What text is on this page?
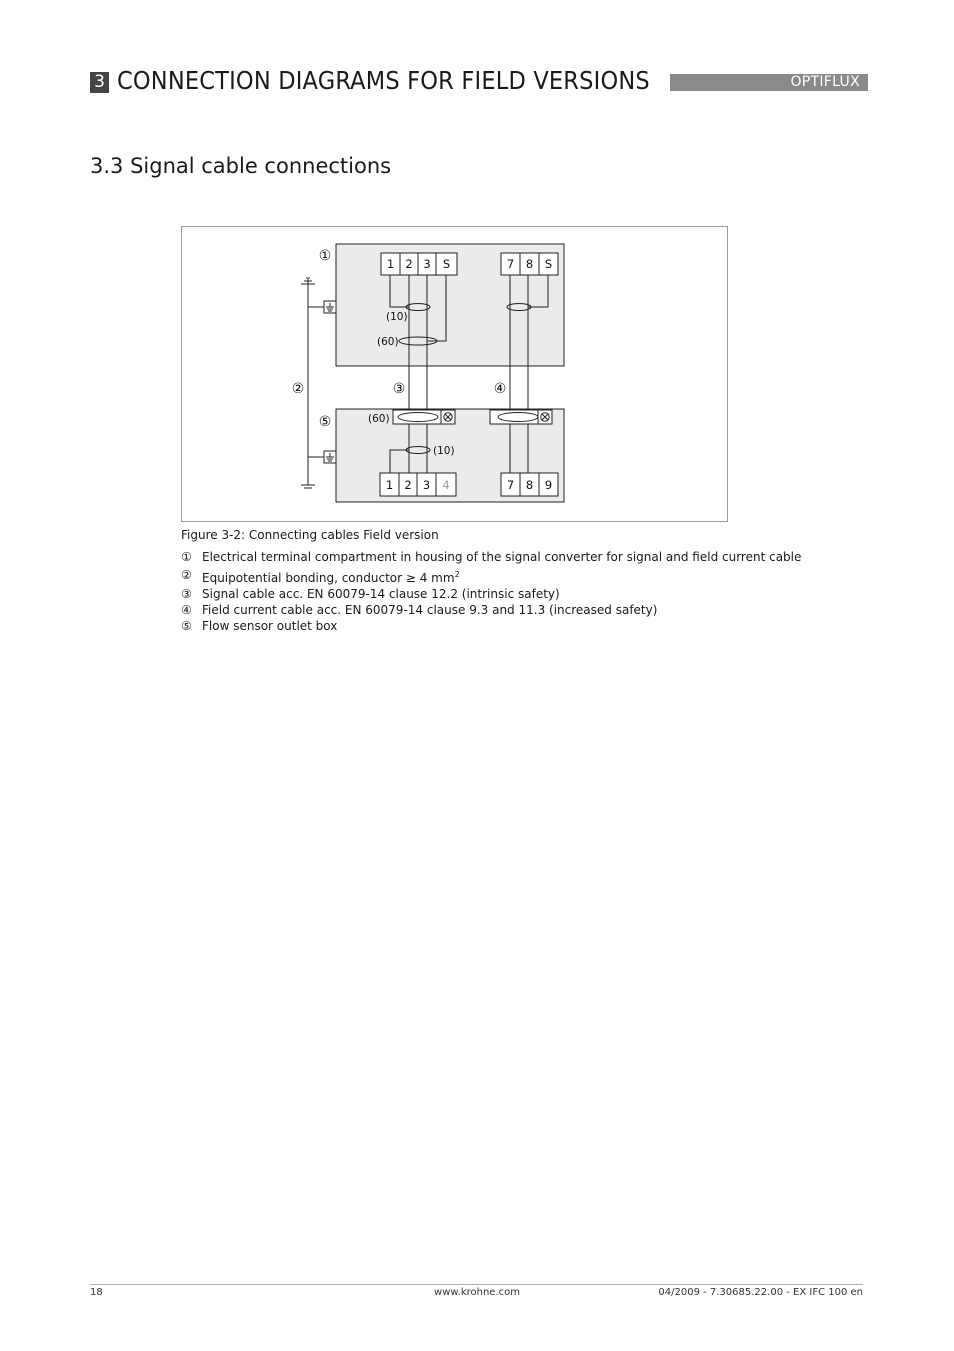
3 CONNECTION DIAGRAMS FOR FIELD VERSIONS	OPTIFLUX
3.3 Signal cable connections
1 2 3 S	7 8 S
1 2 3 4	7 8 9
(10)
(60)
(60)
(10)
①
②	③	④
⑤
Figure 3-2: Connecting cables Field version
① Electrical terminal compartment in housing of the signal converter for signal and field current cable
② Equipotential bonding, conductor ≥ 4 $mm^2$
③ Signal cable acc. EN 60079-14 clause 12.2 (intrinsic safety)
④ Field current cable acc. EN 60079-14 clause 9.3 and 11.3 (increased safety)
⑤ Flow sensor outlet box
18	www.krohne.com	04/2009 - 7.30685.22.00 - EX IFC 100 en
